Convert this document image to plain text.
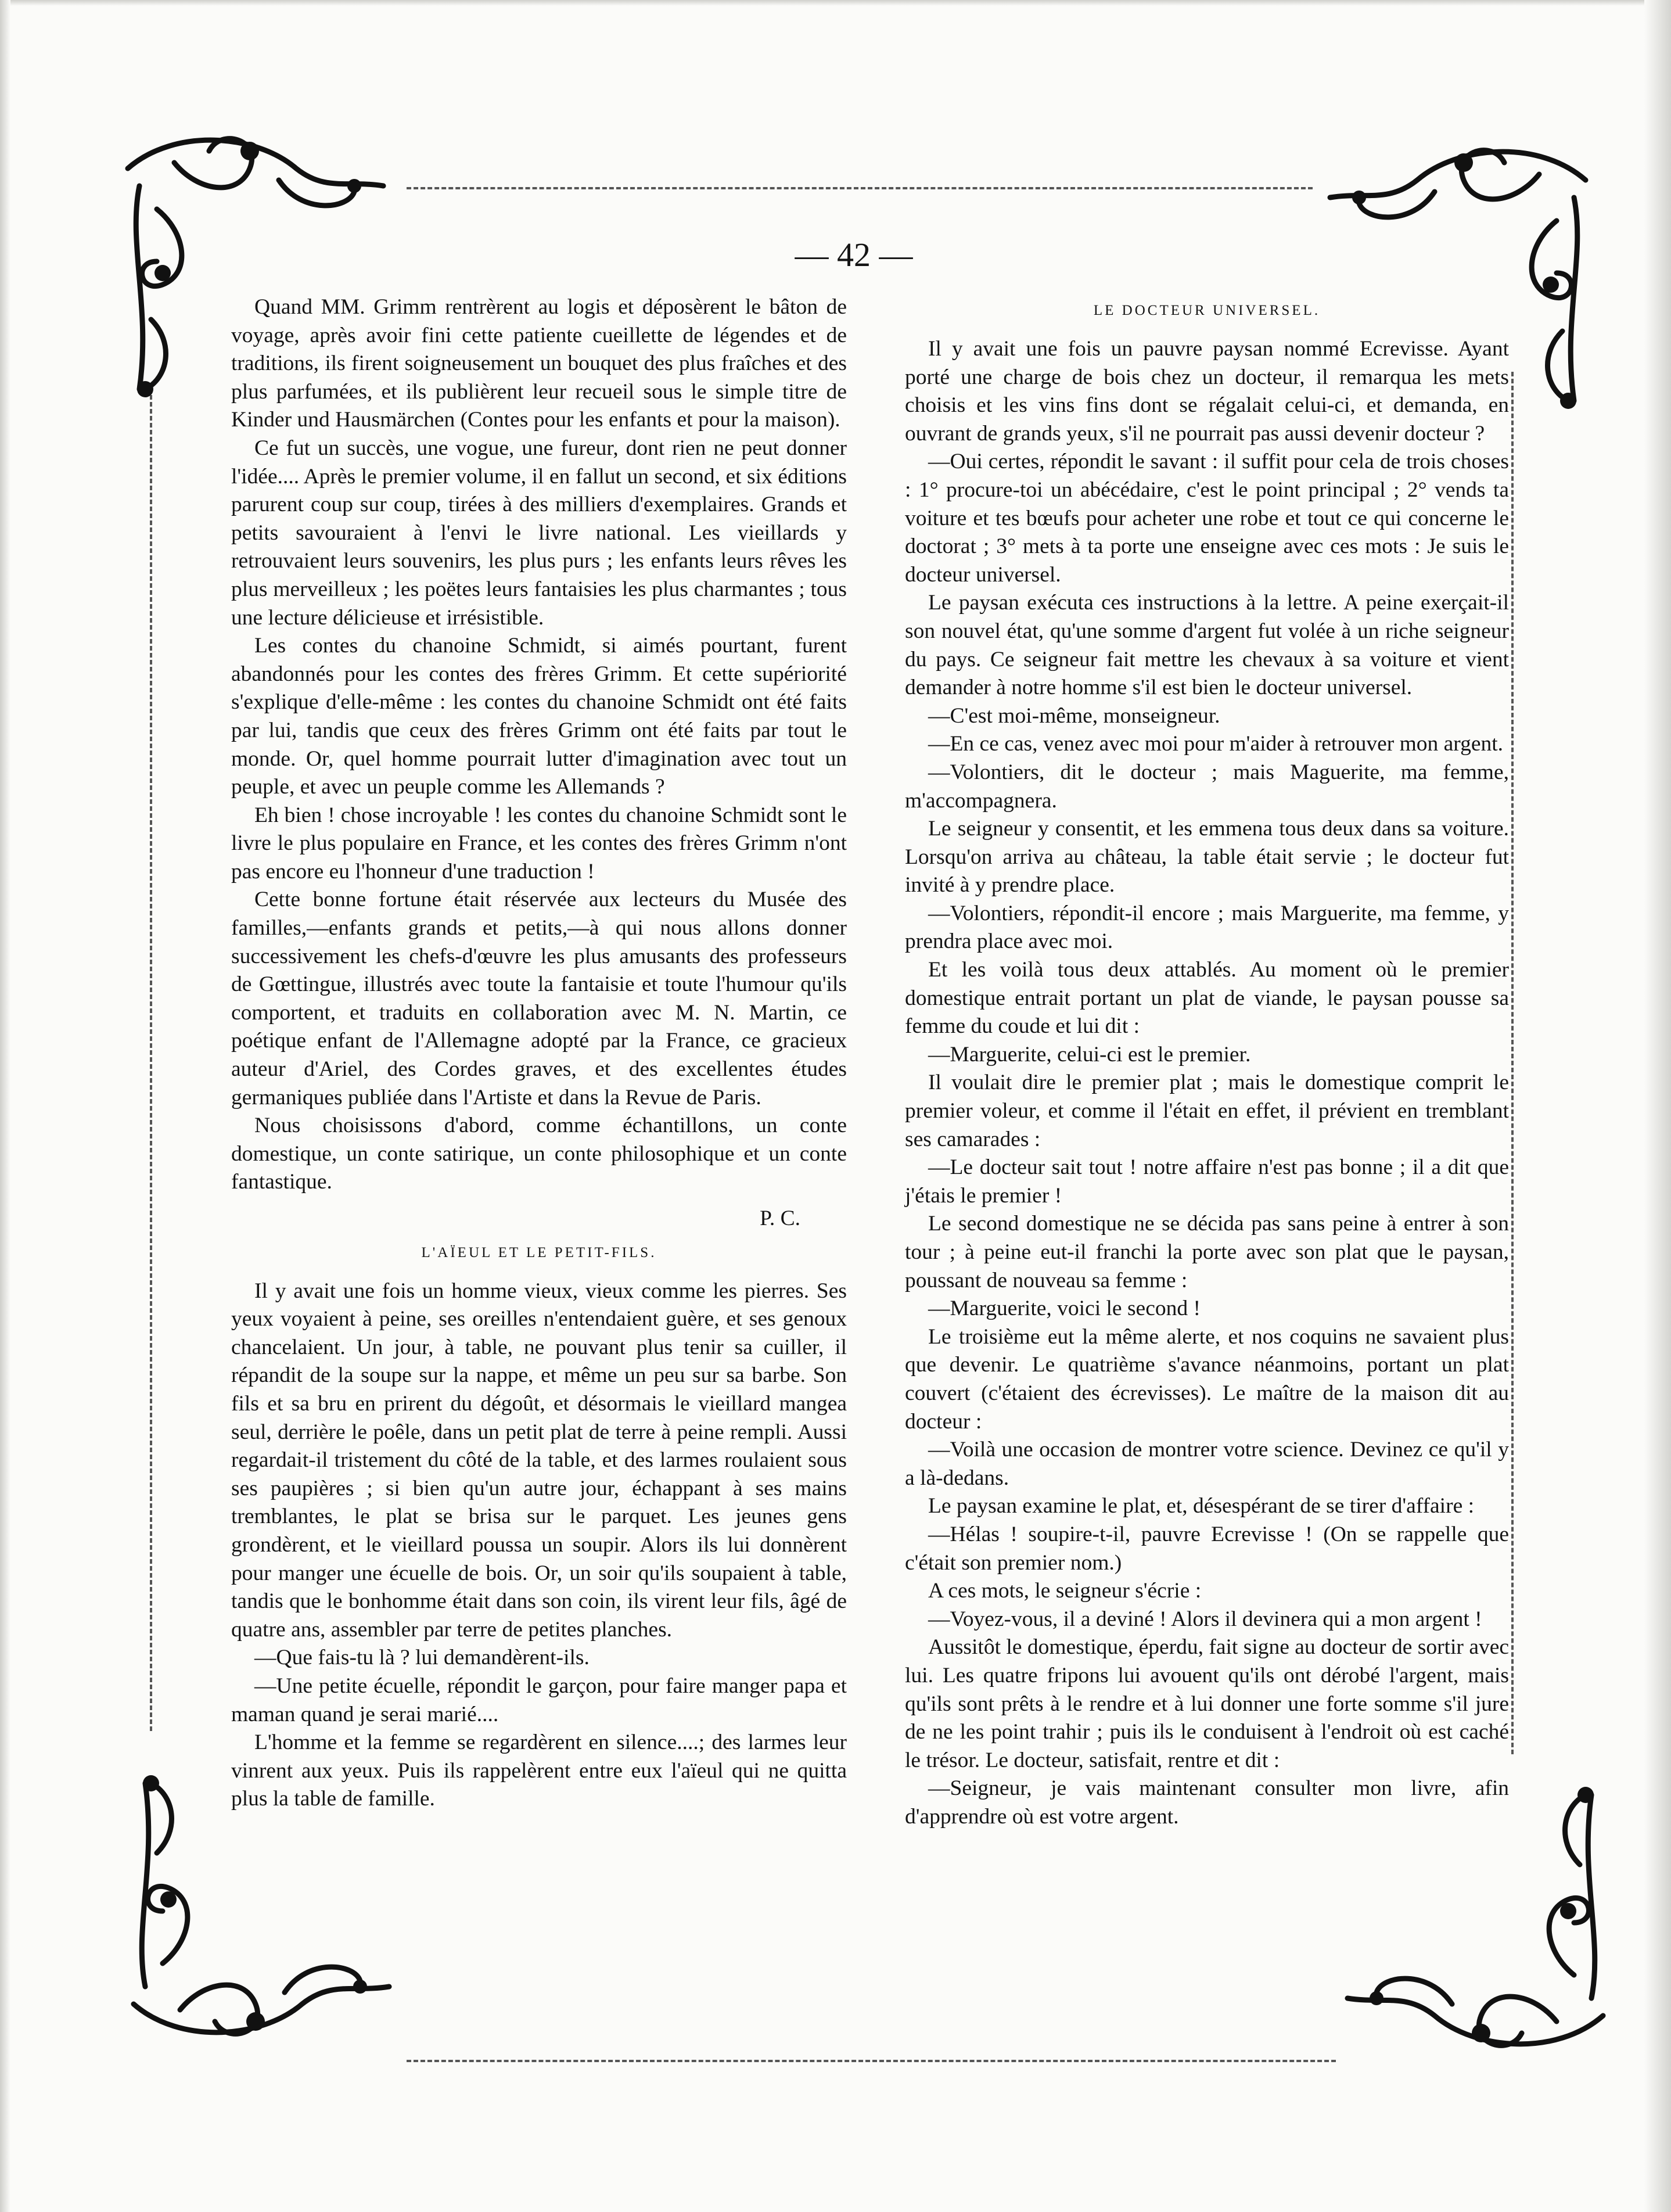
— 42 —

Quand MM. Grimm rentrèrent au logis et déposèrent le bâton de voyage, après avoir fini cette patiente cueillette de légendes et de traditions, ils firent soigneusement un bouquet des plus fraîches et des plus parfumées, et ils publièrent leur recueil sous le simple titre de Kinder und Hausmärchen (Contes pour les enfants et pour la maison).

Ce fut un succès, une vogue, une fureur, dont rien ne peut donner l'idée.... Après le premier volume, il en fallut un second, et six éditions parurent coup sur coup, tirées à des milliers d'exemplaires. Grands et petits savouraient à l'envi le livre national. Les vieillards y retrouvaient leurs souvenirs, les plus purs ; les enfants leurs rêves les plus merveilleux ; les poëtes leurs fantaisies les plus charmantes ; tous une lecture délicieuse et irrésistible.

Les contes du chanoine Schmidt, si aimés pourtant, furent abandonnés pour les contes des frères Grimm. Et cette supériorité s'explique d'elle-même : les contes du chanoine Schmidt ont été faits par lui, tandis que ceux des frères Grimm ont été faits par tout le monde. Or, quel homme pourrait lutter d'imagination avec tout un peuple, et avec un peuple comme les Allemands ?

Eh bien ! chose incroyable ! les contes du chanoine Schmidt sont le livre le plus populaire en France, et les contes des frères Grimm n'ont pas encore eu l'honneur d'une traduction !

Cette bonne fortune était réservée aux lecteurs du Musée des familles,—enfants grands et petits,—à qui nous allons donner successivement les chefs-d'œuvre les plus amusants des professeurs de Gœttingue, illustrés avec toute la fantaisie et toute l'humour qu'ils comportent, et traduits en collaboration avec M. N. Martin, ce poétique enfant de l'Allemagne adopté par la France, ce gracieux auteur d'Ariel, des Cordes graves, et des excellentes études germaniques publiée dans l'Artiste et dans la Revue de Paris.

Nous choisissons d'abord, comme échantillons, un conte domestique, un conte satirique, un conte philosophique et un conte fantastique.

P. C.
L'AÏEUL ET LE PETIT-FILS.

Il y avait une fois un homme vieux, vieux comme les pierres. Ses yeux voyaient à peine, ses oreilles n'entendaient guère, et ses genoux chancelaient. Un jour, à table, ne pouvant plus tenir sa cuiller, il répandit de la soupe sur la nappe, et même un peu sur sa barbe. Son fils et sa bru en prirent du dégoût, et désormais le vieillard mangea seul, derrière le poêle, dans un petit plat de terre à peine rempli. Aussi regardait-il tristement du côté de la table, et des larmes roulaient sous ses paupières ; si bien qu'un autre jour, échappant à ses mains tremblantes, le plat se brisa sur le parquet. Les jeunes gens grondèrent, et le vieillard poussa un soupir. Alors ils lui donnèrent pour manger une écuelle de bois. Or, un soir qu'ils soupaient à table, tandis que le bonhomme était dans son coin, ils virent leur fils, âgé de quatre ans, assembler par terre de petites planches.

—Que fais-tu là ? lui demandèrent-ils.

—Une petite écuelle, répondit le garçon, pour faire manger papa et maman quand je serai marié....

L'homme et la femme se regardèrent en silence....; des larmes leur vinrent aux yeux. Puis ils rappelèrent entre eux l'aïeul qui ne quitta plus la table de famille.

LE DOCTEUR UNIVERSEL.

Il y avait une fois un pauvre paysan nommé Ecrevisse. Ayant porté une charge de bois chez un docteur, il remarqua les mets choisis et les vins fins dont se régalait celui-ci, et demanda, en ouvrant de grands yeux, s'il ne pourrait pas aussi devenir docteur ?

—Oui certes, répondit le savant : il suffit pour cela de trois choses : 1° procure-toi un abécédaire, c'est le point principal ; 2° vends ta voiture et tes bœufs pour acheter une robe et tout ce qui concerne le doctorat ; 3° mets à ta porte une enseigne avec ces mots : Je suis le docteur universel.

Le paysan exécuta ces instructions à la lettre. A peine exerçait-il son nouvel état, qu'une somme d'argent fut volée à un riche seigneur du pays. Ce seigneur fait mettre les chevaux à sa voiture et vient demander à notre homme s'il est bien le docteur universel.

—C'est moi-même, monseigneur.

—En ce cas, venez avec moi pour m'aider à retrouver mon argent.

—Volontiers, dit le docteur ; mais Maguerite, ma femme, m'accompagnera.

Le seigneur y consentit, et les emmena tous deux dans sa voiture. Lorsqu'on arriva au château, la table était servie ; le docteur fut invité à y prendre place.

—Volontiers, répondit-il encore ; mais Marguerite, ma femme, y prendra place avec moi.

Et les voilà tous deux attablés. Au moment où le premier domestique entrait portant un plat de viande, le paysan pousse sa femme du coude et lui dit :

—Marguerite, celui-ci est le premier.

Il voulait dire le premier plat ; mais le domestique comprit le premier voleur, et comme il l'était en effet, il prévient en tremblant ses camarades :

—Le docteur sait tout ! notre affaire n'est pas bonne ; il a dit que j'étais le premier !

Le second domestique ne se décida pas sans peine à entrer à son tour ; à peine eut-il franchi la porte avec son plat que le paysan, poussant de nouveau sa femme :

—Marguerite, voici le second !

Le troisième eut la même alerte, et nos coquins ne savaient plus que devenir. Le quatrième s'avance néanmoins, portant un plat couvert (c'étaient des écrevisses). Le maître de la maison dit au docteur :

—Voilà une occasion de montrer votre science. Devinez ce qu'il y a là-dedans.

Le paysan examine le plat, et, désespérant de se tirer d'affaire :

—Hélas ! soupire-t-il, pauvre Ecrevisse ! (On se rappelle que c'était son premier nom.)

A ces mots, le seigneur s'écrie :

—Voyez-vous, il a deviné ! Alors il devinera qui a mon argent !

Aussitôt le domestique, éperdu, fait signe au docteur de sortir avec lui. Les quatre fripons lui avouent qu'ils ont dérobé l'argent, mais qu'ils sont prêts à le rendre et à lui donner une forte somme s'il jure de ne les point trahir ; puis ils le conduisent à l'endroit où est caché le trésor. Le docteur, satisfait, rentre et dit :

—Seigneur, je vais maintenant consulter mon livre, afin d'apprendre où est votre argent.
